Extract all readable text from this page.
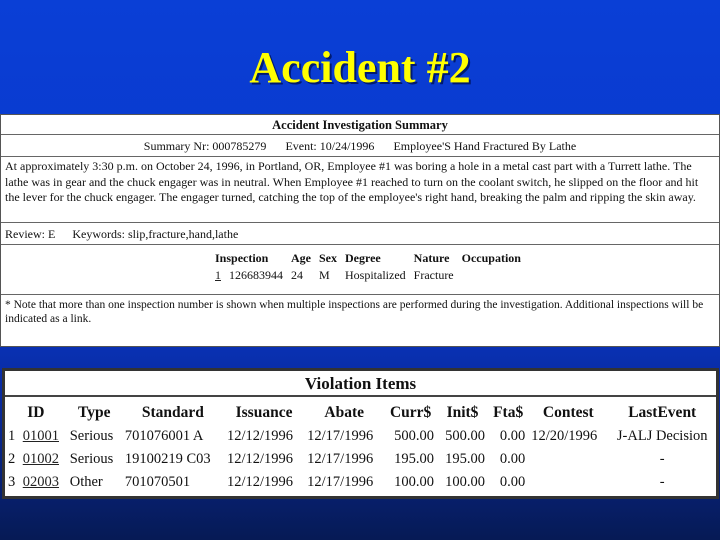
Accident #2
Accident Investigation Summary
Summary Nr: 000785279 Event: 10/24/1996 Employee'S Hand Fractured By Lathe
At approximately 3:30 p.m. on October 24, 1996, in Portland, OR, Employee #1 was boring a hole in a metal cast part with a Turrett lathe. The lathe was in gear and the chuck engager was in neutral. When Employee #1 reached to turn on the coolant switch, he slipped on the floor and hit the lever for the chuck engager. The engager turned, catching the top of the employee's right hand, breaking the palm and ripping the skin away.
Review: E Keywords: slip,fracture,hand,lathe
Inspection		Age	Sex	Degree	Nature	Occupation
1	126683944	24	M	Hospitalized	Fracture	
* Note that more than one inspection number is shown when multiple inspections are performed during the investigation. Additional inspections will be indicated as a link.
Violation Items
ID		Type	Standard	Issuance	Abate	Curr$	Init$	Fta$	Contest	LastEvent
1	01001	Serious	701076001 A	12/12/1996	12/17/1996	500.00	500.00	0.00	12/20/1996	J-ALJ Decision
2	01002	Serious	19100219 C03	12/12/1996	12/17/1996	195.00	195.00	0.00		-
3	02003	Other	701070501	12/12/1996	12/17/1996	100.00	100.00	0.00		-
